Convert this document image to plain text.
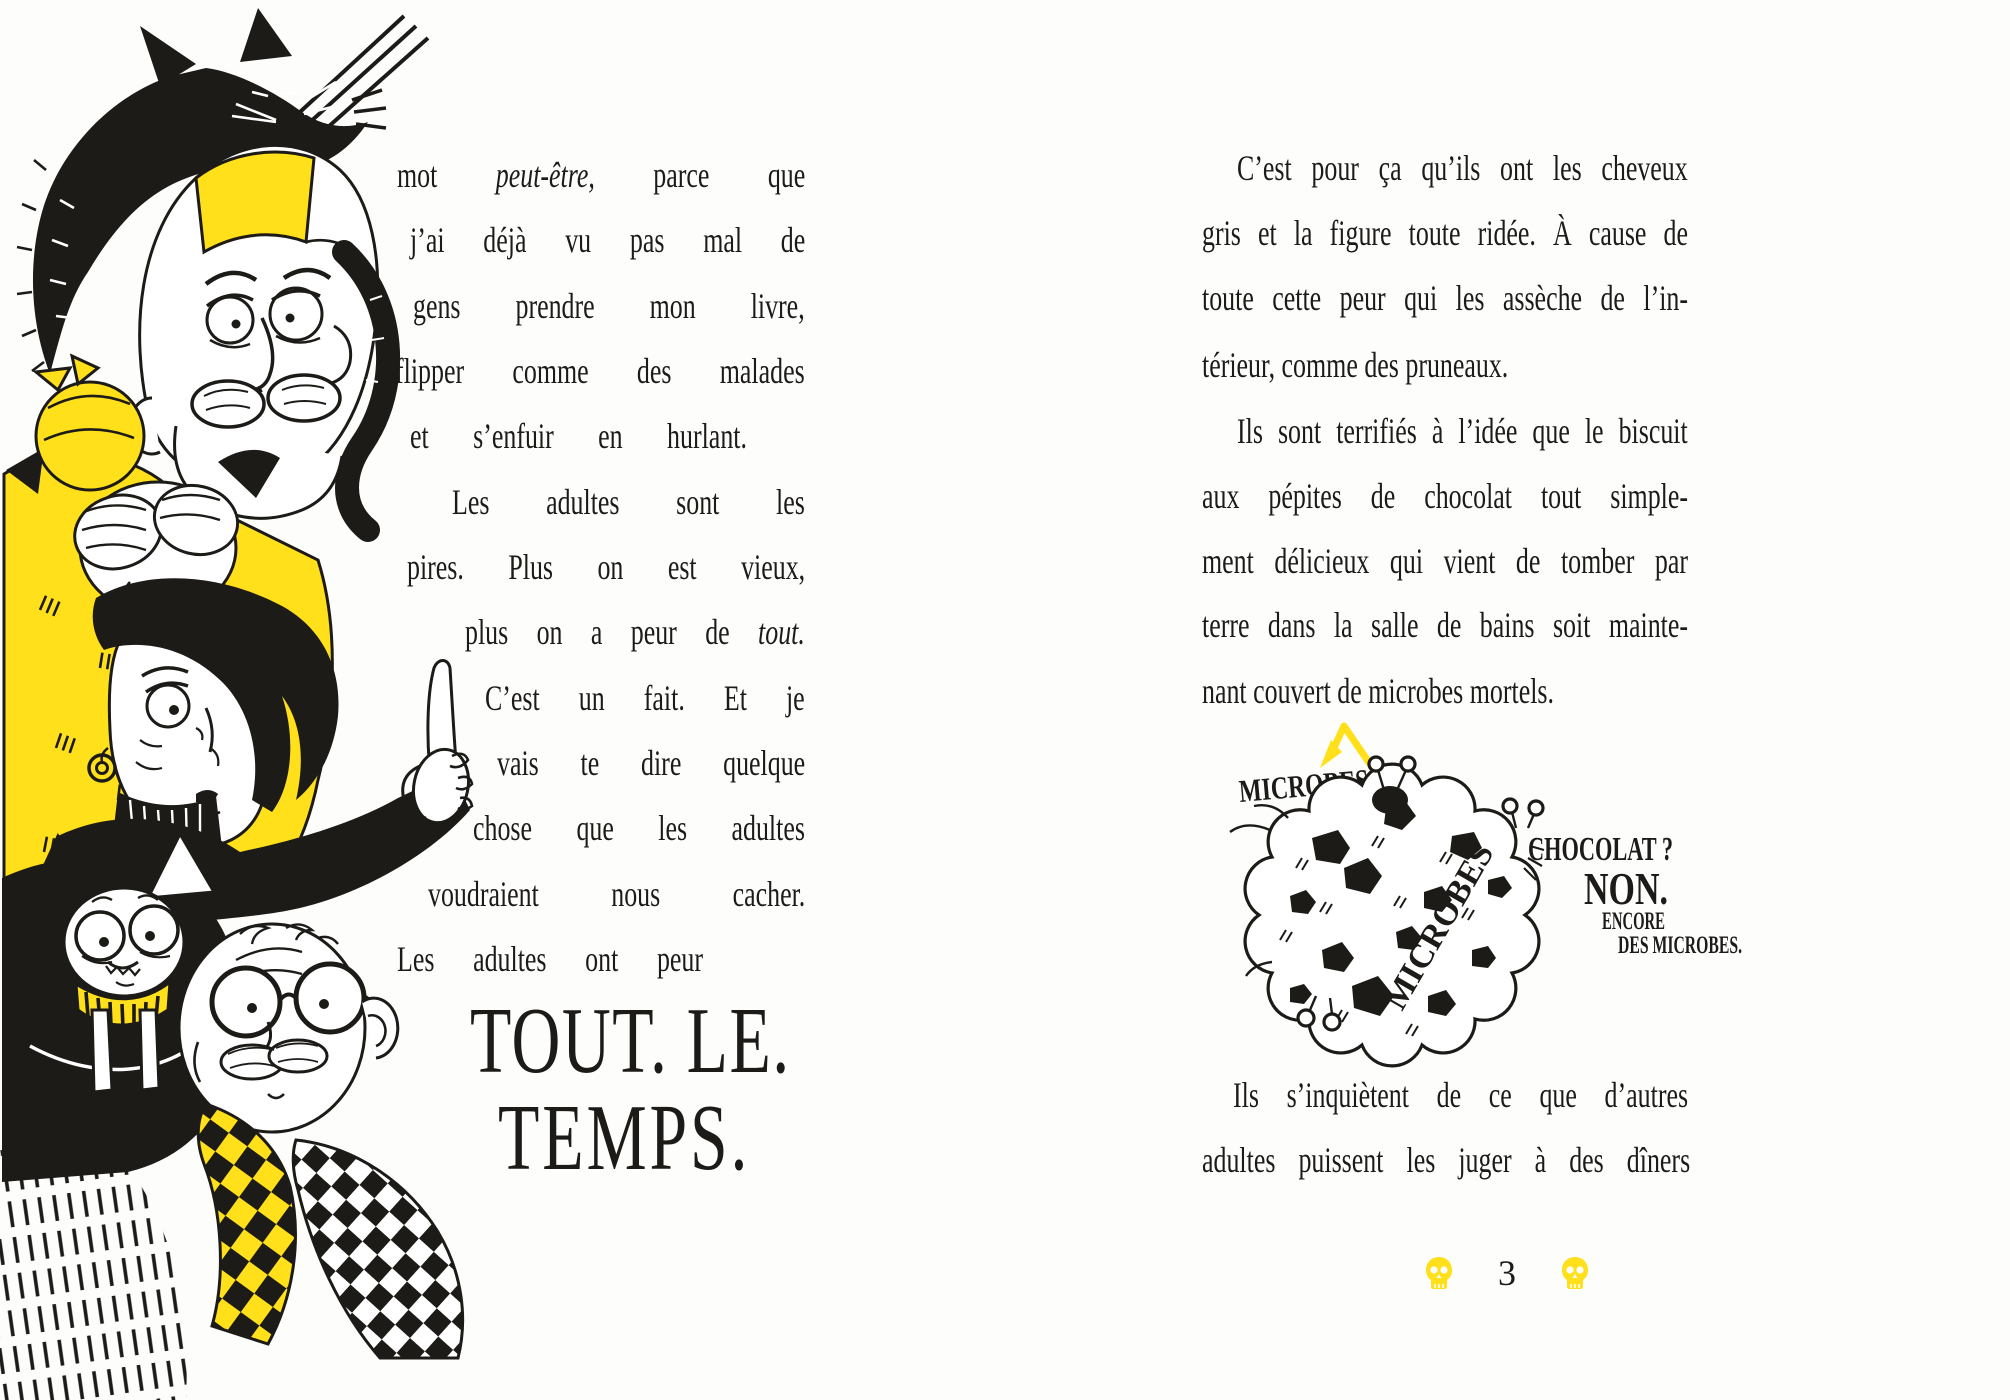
mot peut-être, parce que
j’ai déjà vu pas mal de
gens prendre mon livre,
flipper comme des malades
et s’enfuir en hurlant.
Les adultes sont les
pires. Plus on est vieux,
plus on a peur de tout.
C’est un fait. Et je
vais te dire quelque
chose que les adultes
voudraient nous cacher.
Les adultes ont peur
TOUT. LE.
TEMPS.
C’est pour ça qu’ils ont les cheveux
gris et la figure toute ridée. À cause de
toute cette peur qui les assèche de l’in-
térieur, comme des pruneaux.
Ils sont terrifiés à l’idée que le biscuit
aux pépites de chocolat tout simple-
ment délicieux qui vient de tomber par
terre dans la salle de bains soit mainte-
nant couvert de microbes mortels.
Ils s’inquiètent de ce que d’autres
adultes puissent les juger à des dîners
MICROBES CHOCOLAT ?
NON.
ENCORE
DES MICROBES.
3
